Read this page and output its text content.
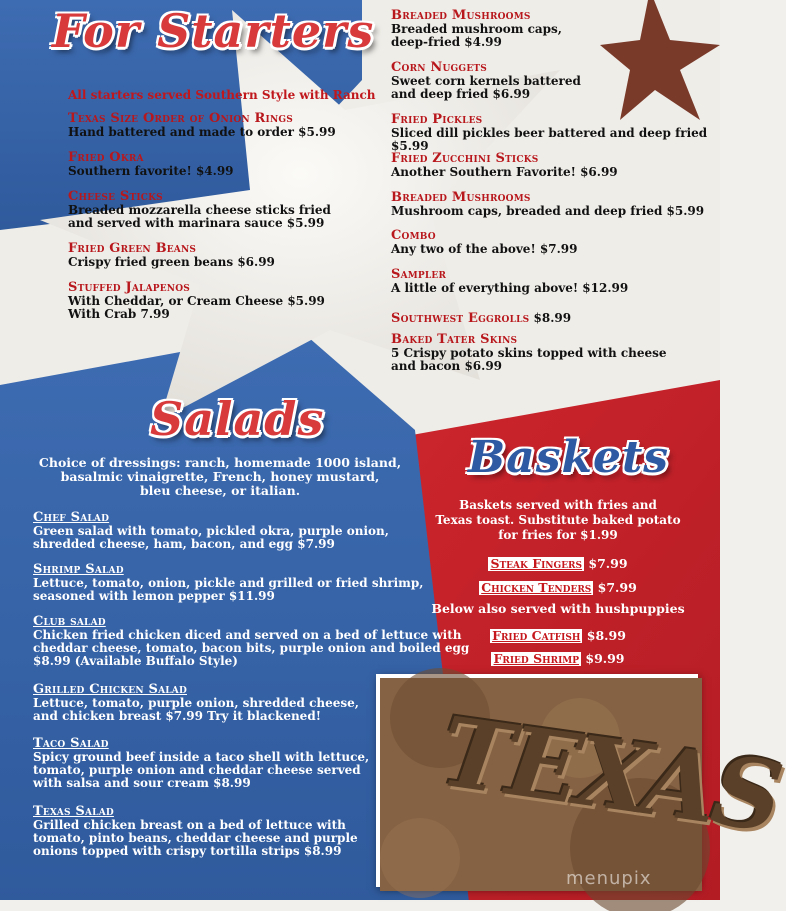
For Starters
All starters served Southern Style with Ranch
Texas Size Order of Onion Rings
Hand battered and made to order $5.99
Fried Okra
Southern favorite! $4.99
Cheese Sticks
Breaded mozzarella cheese sticks fried
and served with marinara sauce $5.99
Fried Green Beans
Crispy fried green beans $6.99
Stuffed Jalapenos
With Cheddar, or Cream Cheese $5.99
With Crab 7.99
Breaded Mushrooms
Breaded mushroom caps,
deep-fried $4.99
Corn Nuggets
Sweet corn kernels battered
and deep fried $6.99
Fried Pickles
Sliced dill pickles beer battered and deep fried $5.99
Fried Zucchini Sticks
Another Southern Favorite! $6.99
Breaded Mushrooms
Mushroom caps, breaded and deep fried $5.99
Combo
Any two of the above! $7.99
Sampler
A little of everything above! $12.99
Southwest Eggrolls $8.99
Baked Tater Skins
5 Crispy potato skins topped with cheese
and bacon $6.99
Salads
Choice of dressings: ranch, homemade 1000 island,
basalmic vinaigrette, French, honey mustard,
bleu cheese, or italian.
Chef Salad
Green salad with tomato, pickled okra, purple onion,
shredded cheese, ham, bacon, and egg $7.99
Shrimp Salad
Lettuce, tomato, onion, pickle and grilled or fried shrimp,
seasoned with lemon pepper $11.99
Club salad
Chicken fried chicken diced and served on a bed of lettuce with
cheddar cheese, tomato, bacon bits, purple onion and boiled egg
$8.99 (Available Buffalo Style)
Grilled Chicken Salad
Lettuce, tomato, purple onion, shredded cheese,
and chicken breast $7.99 Try it blackened!
Taco Salad
Spicy ground beef inside a taco shell with lettuce,
tomato, purple onion and cheddar cheese served
with salsa and sour cream $8.99
Texas Salad
Grilled chicken breast on a bed of lettuce with
tomato, pinto beans, cheddar cheese and purple
onions topped with crispy tortilla strips $8.99
Baskets
Baskets served with fries and
Texas toast. Substitute baked potato
for fries for $1.99
Steak Fingers $7.99
Chicken Tenders $7.99
Below also served with hushpuppies
Fried Catfish $8.99
Fried Shrimp $9.99
TEXAS
menupix
